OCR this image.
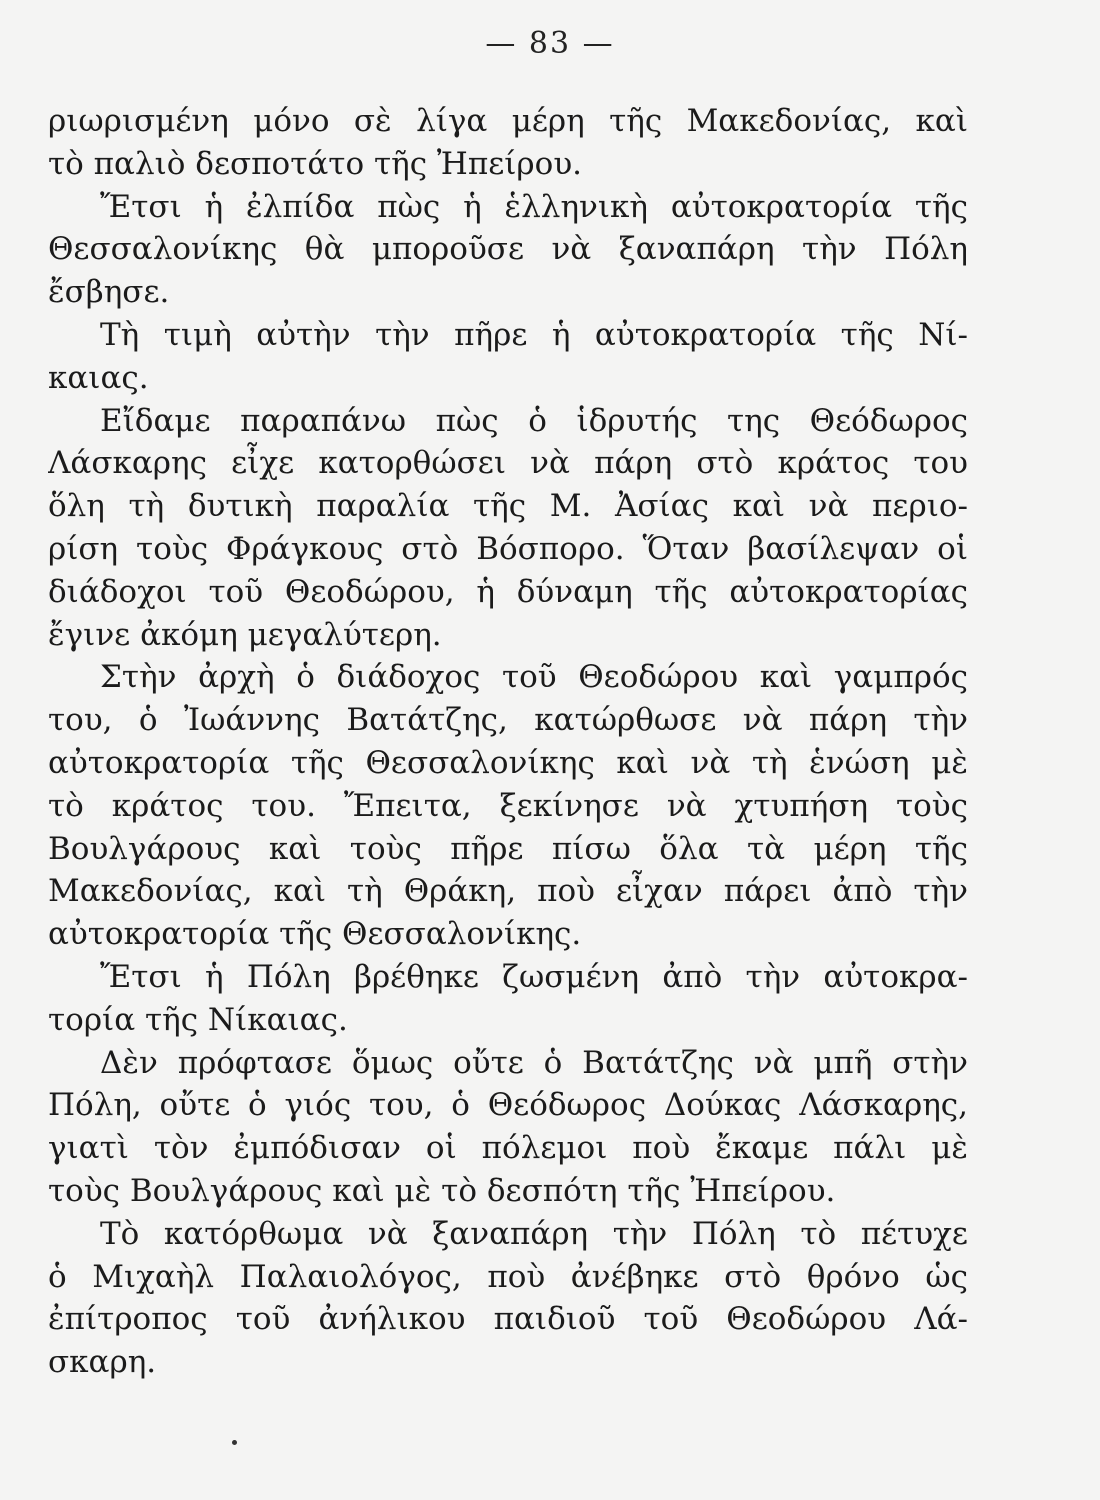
— 83 —
ριωρισμένη μόνο σὲ λίγα μέρη τῆς Μακεδονίας, καὶ
τὸ παλιὸ δεσποτάτο τῆς Ἠπείρου.
Ἔτσι ἡ ἐλπίδα πὼς ἡ ἑλληνικὴ αὐτοκρατορία τῆς
Θεσσαλονίκης θὰ μποροῦσε νὰ ξαναπάρη τὴν Πόλη
ἔσβησε.
Τὴ τιμὴ αὐτὴν τὴν πῆρε ἡ αὐτοκρατορία τῆς Νί-
καιας.
Εἴδαμε παραπάνω πὼς ὁ ἱδρυτής της Θεόδωρος
Λάσκαρης εἶχε κατορθώσει νὰ πάρη στὸ κράτος του
ὅλη τὴ δυτικὴ παραλία τῆς Μ. Ἀσίας καὶ νὰ περιο-
ρίση τοὺς Φράγκους στὸ Βόσπορο. Ὅταν βασίλεψαν οἱ
διάδοχοι τοῦ Θεοδώρου, ἡ δύναμη τῆς αὐτοκρατορίας
ἔγινε ἀκόμη μεγαλύτερη.
Στὴν ἀρχὴ ὁ διάδοχος τοῦ Θεοδώρου καὶ γαμπρός
του, ὁ Ἰωάννης Βατάτζης, κατώρθωσε νὰ πάρη τὴν
αὐτοκρατορία τῆς Θεσσαλονίκης καὶ νὰ τὴ ἑνώση μὲ
τὸ κράτος του. Ἔπειτα, ξεκίνησε νὰ χτυπήση τοὺς
Βουλγάρους καὶ τοὺς πῆρε πίσω ὅλα τὰ μέρη τῆς
Μακεδονίας, καὶ τὴ Θράκη, ποὺ εἶχαν πάρει ἀπὸ τὴν
αὐτοκρατορία τῆς Θεσσαλονίκης.
Ἔτσι ἡ Πόλη βρέθηκε ζωσμένη ἀπὸ τὴν αὐτοκρα-
τορία τῆς Νίκαιας.
Δὲν πρόφτασε ὅμως οὔτε ὁ Βατάτζης νὰ μπῆ στὴν
Πόλη, οὔτε ὁ γιός του, ὁ Θεόδωρος Δούκας Λάσκαρης,
γιατὶ τὸν ἐμπόδισαν οἱ πόλεμοι ποὺ ἔκαμε πάλι μὲ
τοὺς Βουλγάρους καὶ μὲ τὸ δεσπότη τῆς Ἠπείρου.
Τὸ κατόρθωμα νὰ ξαναπάρη τὴν Πόλη τὸ πέτυχε
ὁ Μιχαὴλ Παλαιολόγος, ποὺ ἀνέβηκε στὸ θρόνο ὡς
ἐπίτροπος τοῦ ἀνήλικου παιδιοῦ τοῦ Θεοδώρου Λά-
σκαρη.
